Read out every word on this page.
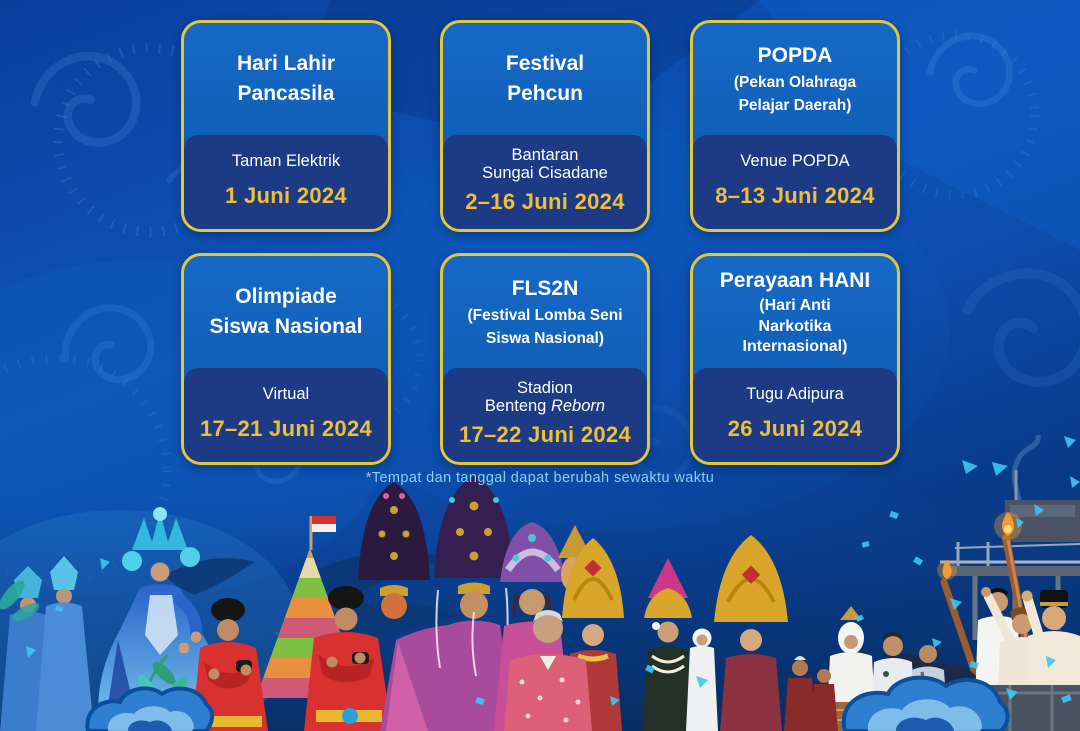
Hari Lahir
Pancasila
Taman Elektrik
1 Juni 2024
Festival
Pehcun
Bantaran
Sungai Cisadane
2–16 Juni 2024
POPDA
(Pekan Olahraga
Pelajar Daerah)
Venue POPDA
8–13 Juni 2024
Olimpiade
Siswa Nasional
Virtual
17–21 Juni 2024
FLS2N
(Festival Lomba Seni
Siswa Nasional)
Stadion
Benteng Reborn
17–22 Juni 2024
Perayaan HANI
(Hari Anti
Narkotika
Internasional)
Tugu Adipura
26 Juni 2024
*Tempat dan tanggal dapat berubah sewaktu waktu
